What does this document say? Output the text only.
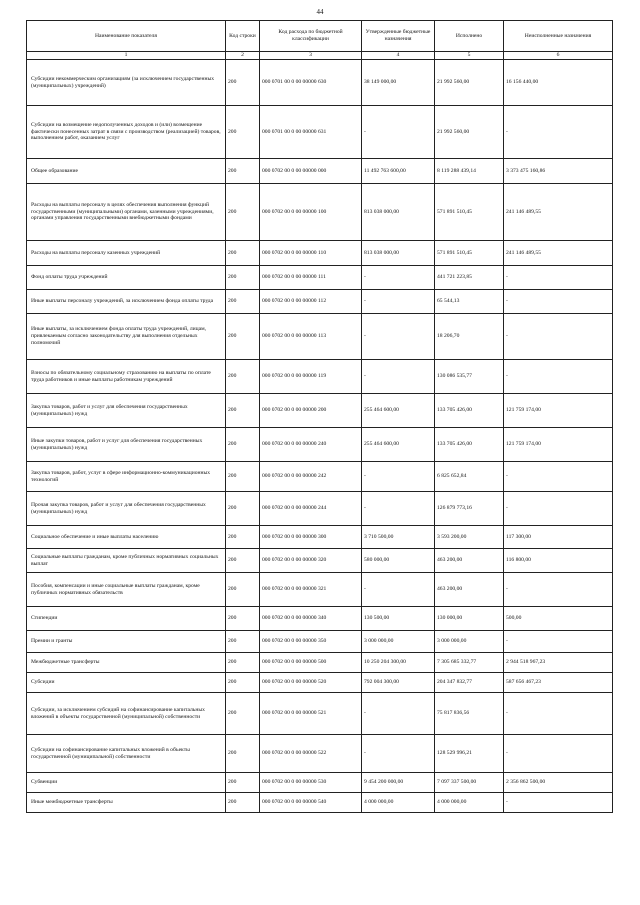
44
Наименование показателя	Код строки	Код расхода по бюджетной классификации	Утвержденные бюджетные назначения	Исполнено	Неисполненные назначения
1	2	3	4	5	6
Субсидии некоммерческим организациям (за исключением государственных (муниципальных) учреждений)	200	000 0701 00 0 00 00000 630	38 149 000,00	21 992 560,00	16 156 440,00
Субсидии на возмещение недополученных доходов и (или) возмещение фактически понесенных затрат в связи с производством (реализацией) товаров, выполнением работ, оказанием услуг	200	000 0701 00 0 00 00000 631	-	21 992 560,00	-
Общее образование	200	000 0702 00 0 00 00000 000	11 492 763 600,00	8 119 288 439,14	3 373 475 160,86
Расходы на выплаты персоналу в целях обеспечения выполнения функций государственными (муниципальными) органами, казенными учреждениями, органами управления государственными внебюджетными фондами	200	000 0702 00 0 00 00000 100	813 038 000,00	571 891 510,45	241 146 489,55
Расходы на выплаты персоналу казенных учреждений	200	000 0702 00 0 00 00000 110	813 038 000,00	571 891 510,45	241 146 489,55
Фонд оплаты труда учреждений	200	000 0702 00 0 00 00000 111	-	441 721 223,85	-
Иные выплаты персоналу учреждений, за исключением фонда оплаты труда	200	000 0702 00 0 00 00000 112	-	65 544,13	-
Иные выплаты, за исключением фонда оплаты труда учреждений, лицам, привлекаемым согласно законодательству для выполнения отдельных полномочий	200	000 0702 00 0 00 00000 113	-	18 206,70	-
Взносы по обязательному социальному страхованию на выплаты по оплате труда работников и иные выплаты работникам учреждений	200	000 0702 00 0 00 00000 119	-	130 086 535,77	-
Закупка товаров, работ и услуг для обеспечения государственных (муниципальных) нужд	200	000 0702 00 0 00 00000 200	255 464 600,00	133 705 426,00	121 759 174,00
Иные закупки товаров, работ и услуг для обеспечения государственных (муниципальных) нужд	200	000 0702 00 0 00 00000 240	255 464 600,00	133 705 426,00	121 759 174,00
Закупка товаров, работ, услуг в сфере информационно-коммуникационных технологий	200	000 0702 00 0 00 00000 242	-	6 825 652,84	-
Прочая закупка товаров, работ и услуг для обеспечения государственных (муниципальных) нужд	200	000 0702 00 0 00 00000 244	-	126 879 773,16	-
Социальное обеспечение и иные выплаты населению	200	000 0702 00 0 00 00000 300	3 710 500,00	3 593 200,00	117 300,00
Социальные выплаты гражданам, кроме публичных нормативных социальных выплат	200	000 0702 00 0 00 00000 320	580 000,00	463 200,00	116 800,00
Пособия, компенсации и иные социальные выплаты гражданам, кроме публичных нормативных обязательств	200	000 0702 00 0 00 00000 321	-	463 200,00	-
Стипендии	200	000 0702 00 0 00 00000 340	130 500,00	130 000,00	500,00
Премии и гранты	200	000 0702 00 0 00 00000 350	3 000 000,00	3 000 000,00	-
Межбюджетные трансферты	200	000 0702 00 0 00 00000 500	10 250 204 300,00	7 305 685 332,77	2 944 518 967,23
Субсидии	200	000 0702 00 0 00 00000 520	792 004 300,00	204 347 832,77	587 656 467,23
Субсидии, за исключением субсидий на софинансирование капитальных вложений в объекты государственной (муниципальной) собственности	200	000 0702 00 0 00 00000 521	-	75 817 836,56	-
Субсидии на софинансирование капитальных вложений в объекты государственной (муниципальной) собственности	200	000 0702 00 0 00 00000 522	-	128 529 996,21	-
Субвенции	200	000 0702 00 0 00 00000 530	9 454 200 000,00	7 097 337 500,00	2 356 862 500,00
Иные межбюджетные трансферты	200	000 0702 00 0 00 00000 540	4 000 000,00	4 000 000,00	-
